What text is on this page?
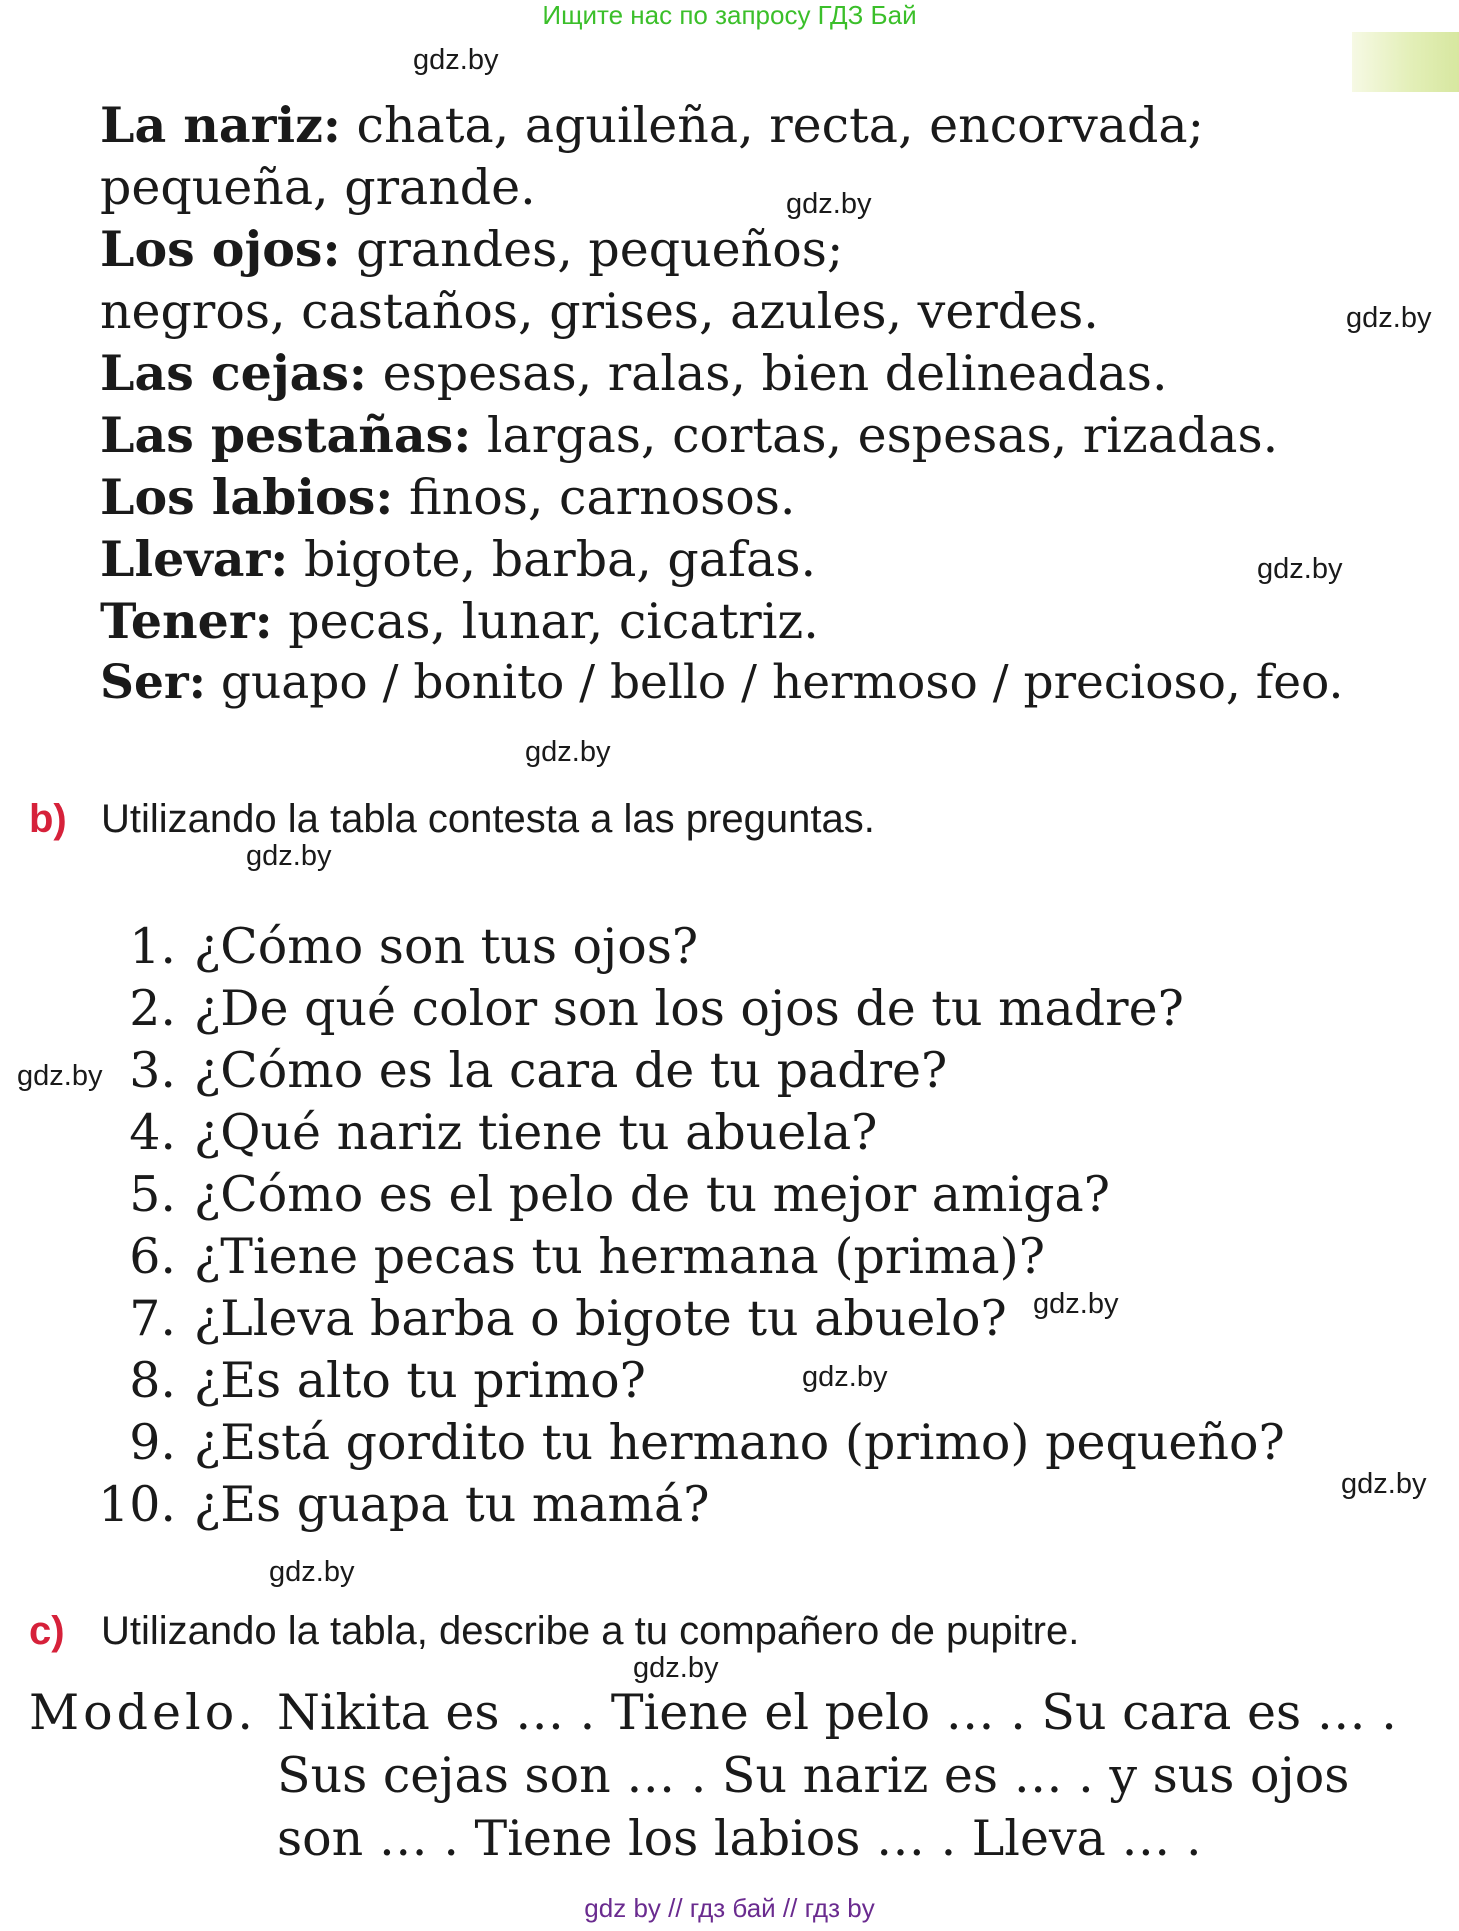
Ищите нас по запросу ГДЗ Бай
gdz.by
gdz.by
gdz.by
gdz.by
gdz.by
gdz.by
gdz.by
gdz.by
gdz.by
gdz.by
gdz.by
gdz.by
La nariz: chata, aguileña, recta, encorvada;
pequeña, grande.
Los ojos: grandes, pequeños;
negros, castaños, grises, azules, verdes.
Las cejas: espesas, ralas, bien delineadas.
Las pestañas: largas, cortas, espesas, rizadas.
Los labios: finos, carnosos.
Llevar: bigote, barba, gafas.
Tener: pecas, lunar, cicatriz.
Ser: guapo / bonito / bello / hermoso / precioso, feo.
b) Utilizando la tabla contesta a las preguntas.
1. ¿Cómo son tus ojos?
2. ¿De qué color son los ojos de tu madre?
3. ¿Cómo es la cara de tu padre?
4. ¿Qué nariz tiene tu abuela?
5. ¿Cómo es el pelo de tu mejor amiga?
6. ¿Tiene pecas tu hermana (prima)?
7. ¿Lleva barba o bigote tu abuelo?
8. ¿Es alto tu primo?
9. ¿Está gordito tu hermano (primo) pequeño?
10. ¿Es guapa tu mamá?
c) Utilizando la tabla, describe a tu compañero de pupitre.
Modelo. Nikita es … . Tiene el pelo … . Su cara es … .
Sus cejas son … . Su nariz es … . y sus ojos
son … . Tiene los labios … . Lleva … .
gdz by // гдз бай // гдз by
